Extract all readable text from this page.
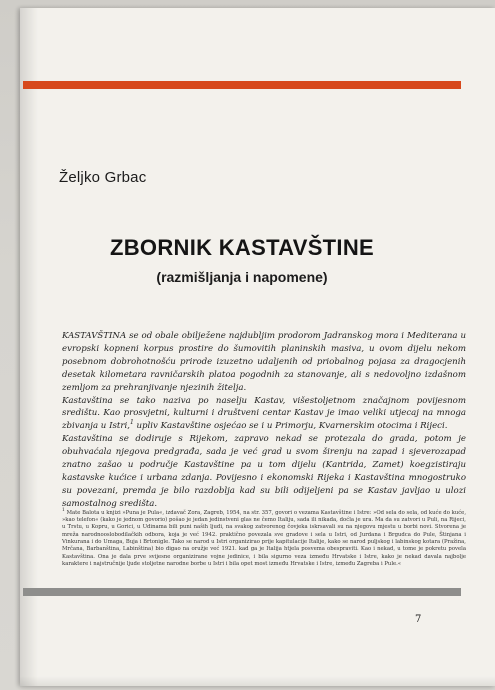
Željko Grbac
ZBORNIK KASTAVŠTINE
(razmišljanja i napomene)

KASTAVŠTINA se od obale obilježene najdubljim prodorom Jadranskog mora i Mediterana u evropski kopneni korpus prostire do šumovitih planinskih masiva, u ovom dijelu nekom posebnom dobrohotnošću prirode izuzetno udaljenih od priobalnog pojasa za dragocjenih desetak kilometara ravničarskih platoa pogodnih za stanovanje, ali s nedovoljno izdašnom zemljom za prehranjivanje njezinih žitelja.

Kastavština se tako naziva po naselju Kastav, višestoljetnom značajnom povijesnom središtu. Kao prosvjetni, kulturni i društveni centar Kastav je imao veliki utjecaj na mnoga zbivanja u Istri,$^1$ upliv Kastavštine osjećao se i u Primorju, Kvarnerskim otocima i Rijeci.

Kastavština se dodiruje s Rijekom, zapravo nekad se protezala do grada, potom je obuhvaćala njegova predgrađa, sada je već grad u svom širenju na zapad i sjeverozapad znatno zašao u područje Kastavštine pa u tom dijelu (Kantrida, Zamet) koegzistiraju kastavske kućice i urbana zdanja. Povijesno i ekonomski Rijeka i Kastavština mnogostruko su povezani, premda je bilo razdoblja kad su bili odijeljeni pa se Kastav javljao u ulozi samostalnog središta.

$^1$ Mate Balota u knjizi »Puna je Pula«, izdavač Zora, Zagreb, 1954, na str. 357, govori o vezama Kastavštine i Istre: »Od sela do sela, od kuće do kuće, »kao telefon« (kako je jednom govorio) pošao je jedan jedinstveni glas ne čemo Italiju, sada ili nikada, doćla je ura. Ma da su zatvori u Puli, na Rijeci, u Trstu, u Kopru, u Gorici, u Udinama bili puni naših ljudi, na svakog zatvorenog čovjeka iskrsavali su na njegovu mjestu u borbi novi. Stvorena je mreža narodnooslobodilačkih odbora, koja je već 1942. praktično povezala sve gradove i sela u Istri, od Jurdana i Brgudca do Pule, Štinjana i Vinkurana i do Umaga, Buja i Brtonigle. Tako se narod u Istri organizirao prije kapitulacije Italije, kako se narod puljskog i labinskog kotara (Pražina, Mrčana, Barbanština, Labinština) bio digao na oružje već 1921. kad ga je Italija htjela posvema obespraviti. Kao i nekad, u tome je pokretu povela Kastavština. Ona je dala prve svijesne organizirane vojne jedinice, i bila sigurno veza između Hrvatske i Istre, kako je nekad davala najbolje karaktere i najstručnije ljude stoljetne narodne borbe u Istri i bila opet most između Hrvatske i Istre, između Zagreba i Pule.«
7
